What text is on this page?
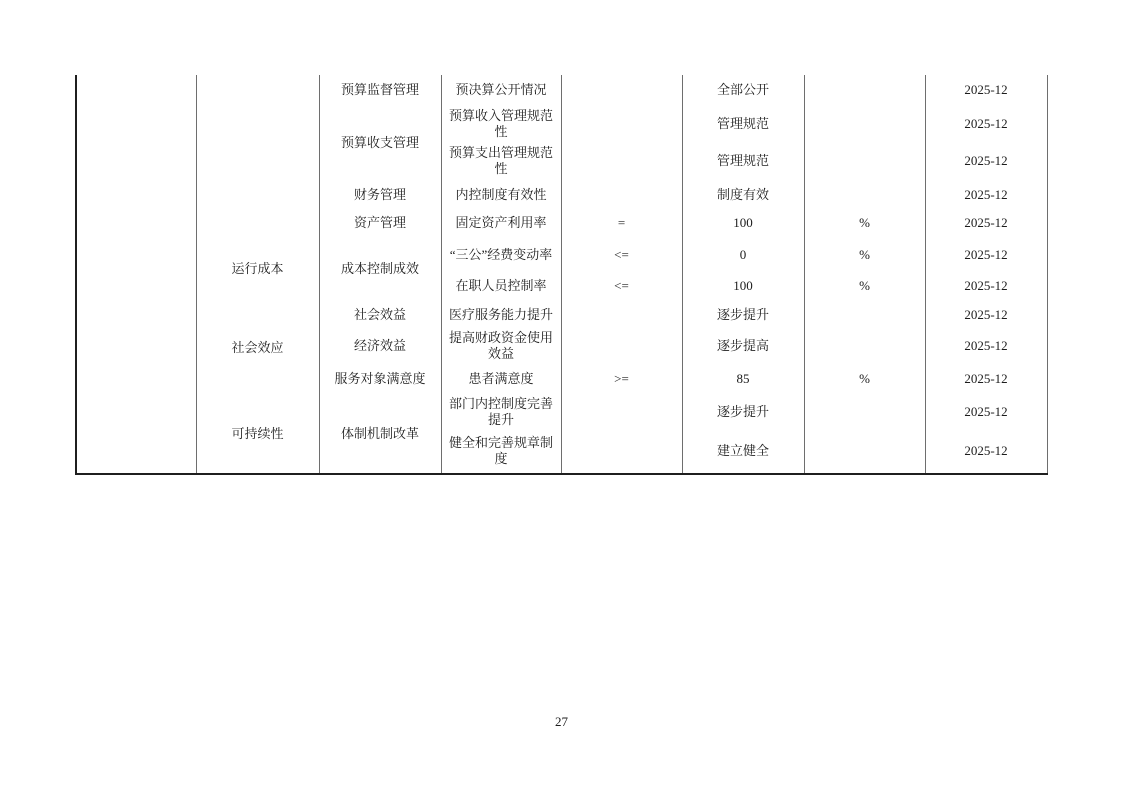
		预算监督管理	预决算公开情况		全部公开		2025-12
		预算收支管理	预算收入管理规范性		管理规范		2025-12
			预算支出管理规范性		管理规范		2025-12
		财务管理	内控制度有效性		制度有效		2025-12
		资产管理	固定资产利用率	=	100	%	2025-12
	运行成本	成本控制成效	“三公”经费变动率	<=	0	%	2025-12
			在职人员控制率	<=	100	%	2025-12
	社会效应	社会效益	医疗服务能力提升		逐步提升		2025-12
		经济效益	提高财政资金使用效益		逐步提高		2025-12
		服务对象满意度	患者满意度	>=	85	%	2025-12
	可持续性	体制机制改革	部门内控制度完善提升		逐步提升		2025-12
			健全和完善规章制度		建立健全		2025-12
27
